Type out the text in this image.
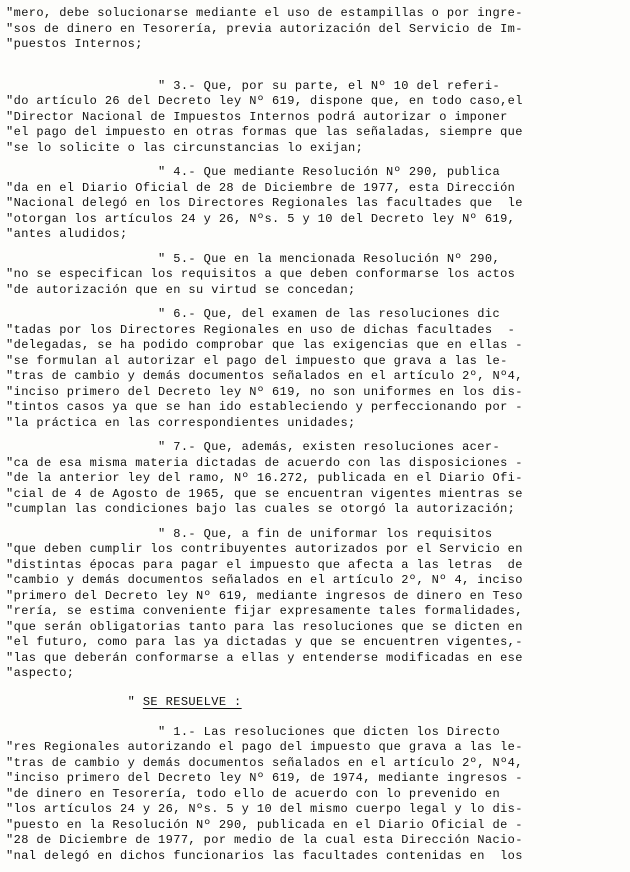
"mero, debe solucionarse mediante el uso de estampillas o por ingre-
"sos de dinero en Tesorería, previa autorización del Servicio de Im-
"puestos Internos;
" 3.- Que, por su parte, el Nº 10 del referi-
"do artículo 26 del Decreto ley Nº 619, dispone que, en todo caso,el
"Director Nacional de Impuestos Internos podrá autorizar o imponer
"el pago del impuesto en otras formas que las señaladas, siempre que
"se lo solicite o las circunstancias lo exijan;
" 4.- Que mediante Resolución Nº 290, publica
"da en el Diario Oficial de 28 de Diciembre de 1977, esta Dirección
"Nacional delegó en los Directores Regionales las facultades que  le
"otorgan los artículos 24 y 26, Nºs. 5 y 10 del Decreto ley Nº 619,
"antes aludidos;
" 5.- Que en la mencionada Resolución Nº 290,
"no se especifican los requisitos a que deben conformarse los actos
"de autorización que en su virtud se concedan;
" 6.- Que, del examen de las resoluciones dic
"tadas por los Directores Regionales en uso de dichas facultades  -
"delegadas, se ha podido comprobar que las exigencias que en ellas -
"se formulan al autorizar el pago del impuesto que grava a las le-
"tras de cambio y demás documentos señalados en el artículo 2º, Nº4,
"inciso primero del Decreto ley Nº 619, no son uniformes en los dis-
"tintos casos ya que se han ido estableciendo y perfeccionando por -
"la práctica en las correspondientes unidades;
" 7.- Que, además, existen resoluciones acer-
"ca de esa misma materia dictadas de acuerdo con las disposiciones -
"de la anterior ley del ramo, Nº 16.272, publicada en el Diario Ofi-
"cial de 4 de Agosto de 1965, que se encuentran vigentes mientras se
"cumplan las condiciones bajo las cuales se otorgó la autorización;
" 8.- Que, a fin de uniformar los requisitos
"que deben cumplir los contribuyentes autorizados por el Servicio en
"distintas épocas para pagar el impuesto que afecta a las letras  de
"cambio y demás documentos señalados en el artículo 2º, Nº 4, inciso
"primero del Decreto ley Nº 619, mediante ingresos de dinero en Teso
"rería, se estima conveniente fijar expresamente tales formalidades,
"que serán obligatorias tanto para las resoluciones que se dicten en
"el futuro, como para las ya dictadas y que se encuentren vigentes,-
"las que deberán conformarse a ellas y entenderse modificadas en ese
"aspecto;
" SE RESUELVE :
" 1.- Las resoluciones que dicten los Directo
"res Regionales autorizando el pago del impuesto que grava a las le-
"tras de cambio y demás documentos señalados en el artículo 2º, Nº4,
"inciso primero del Decreto ley Nº 619, de 1974, mediante ingresos -
"de dinero en Tesorería, todo ello de acuerdo con lo prevenido en
"los artículos 24 y 26, Nºs. 5 y 10 del mismo cuerpo legal y lo dis-
"puesto en la Resolución Nº 290, publicada en el Diario Oficial de -
"28 de Diciembre de 1977, por medio de la cual esta Dirección Nacio-
"nal delegó en dichos funcionarios las facultades contenidas en  los
